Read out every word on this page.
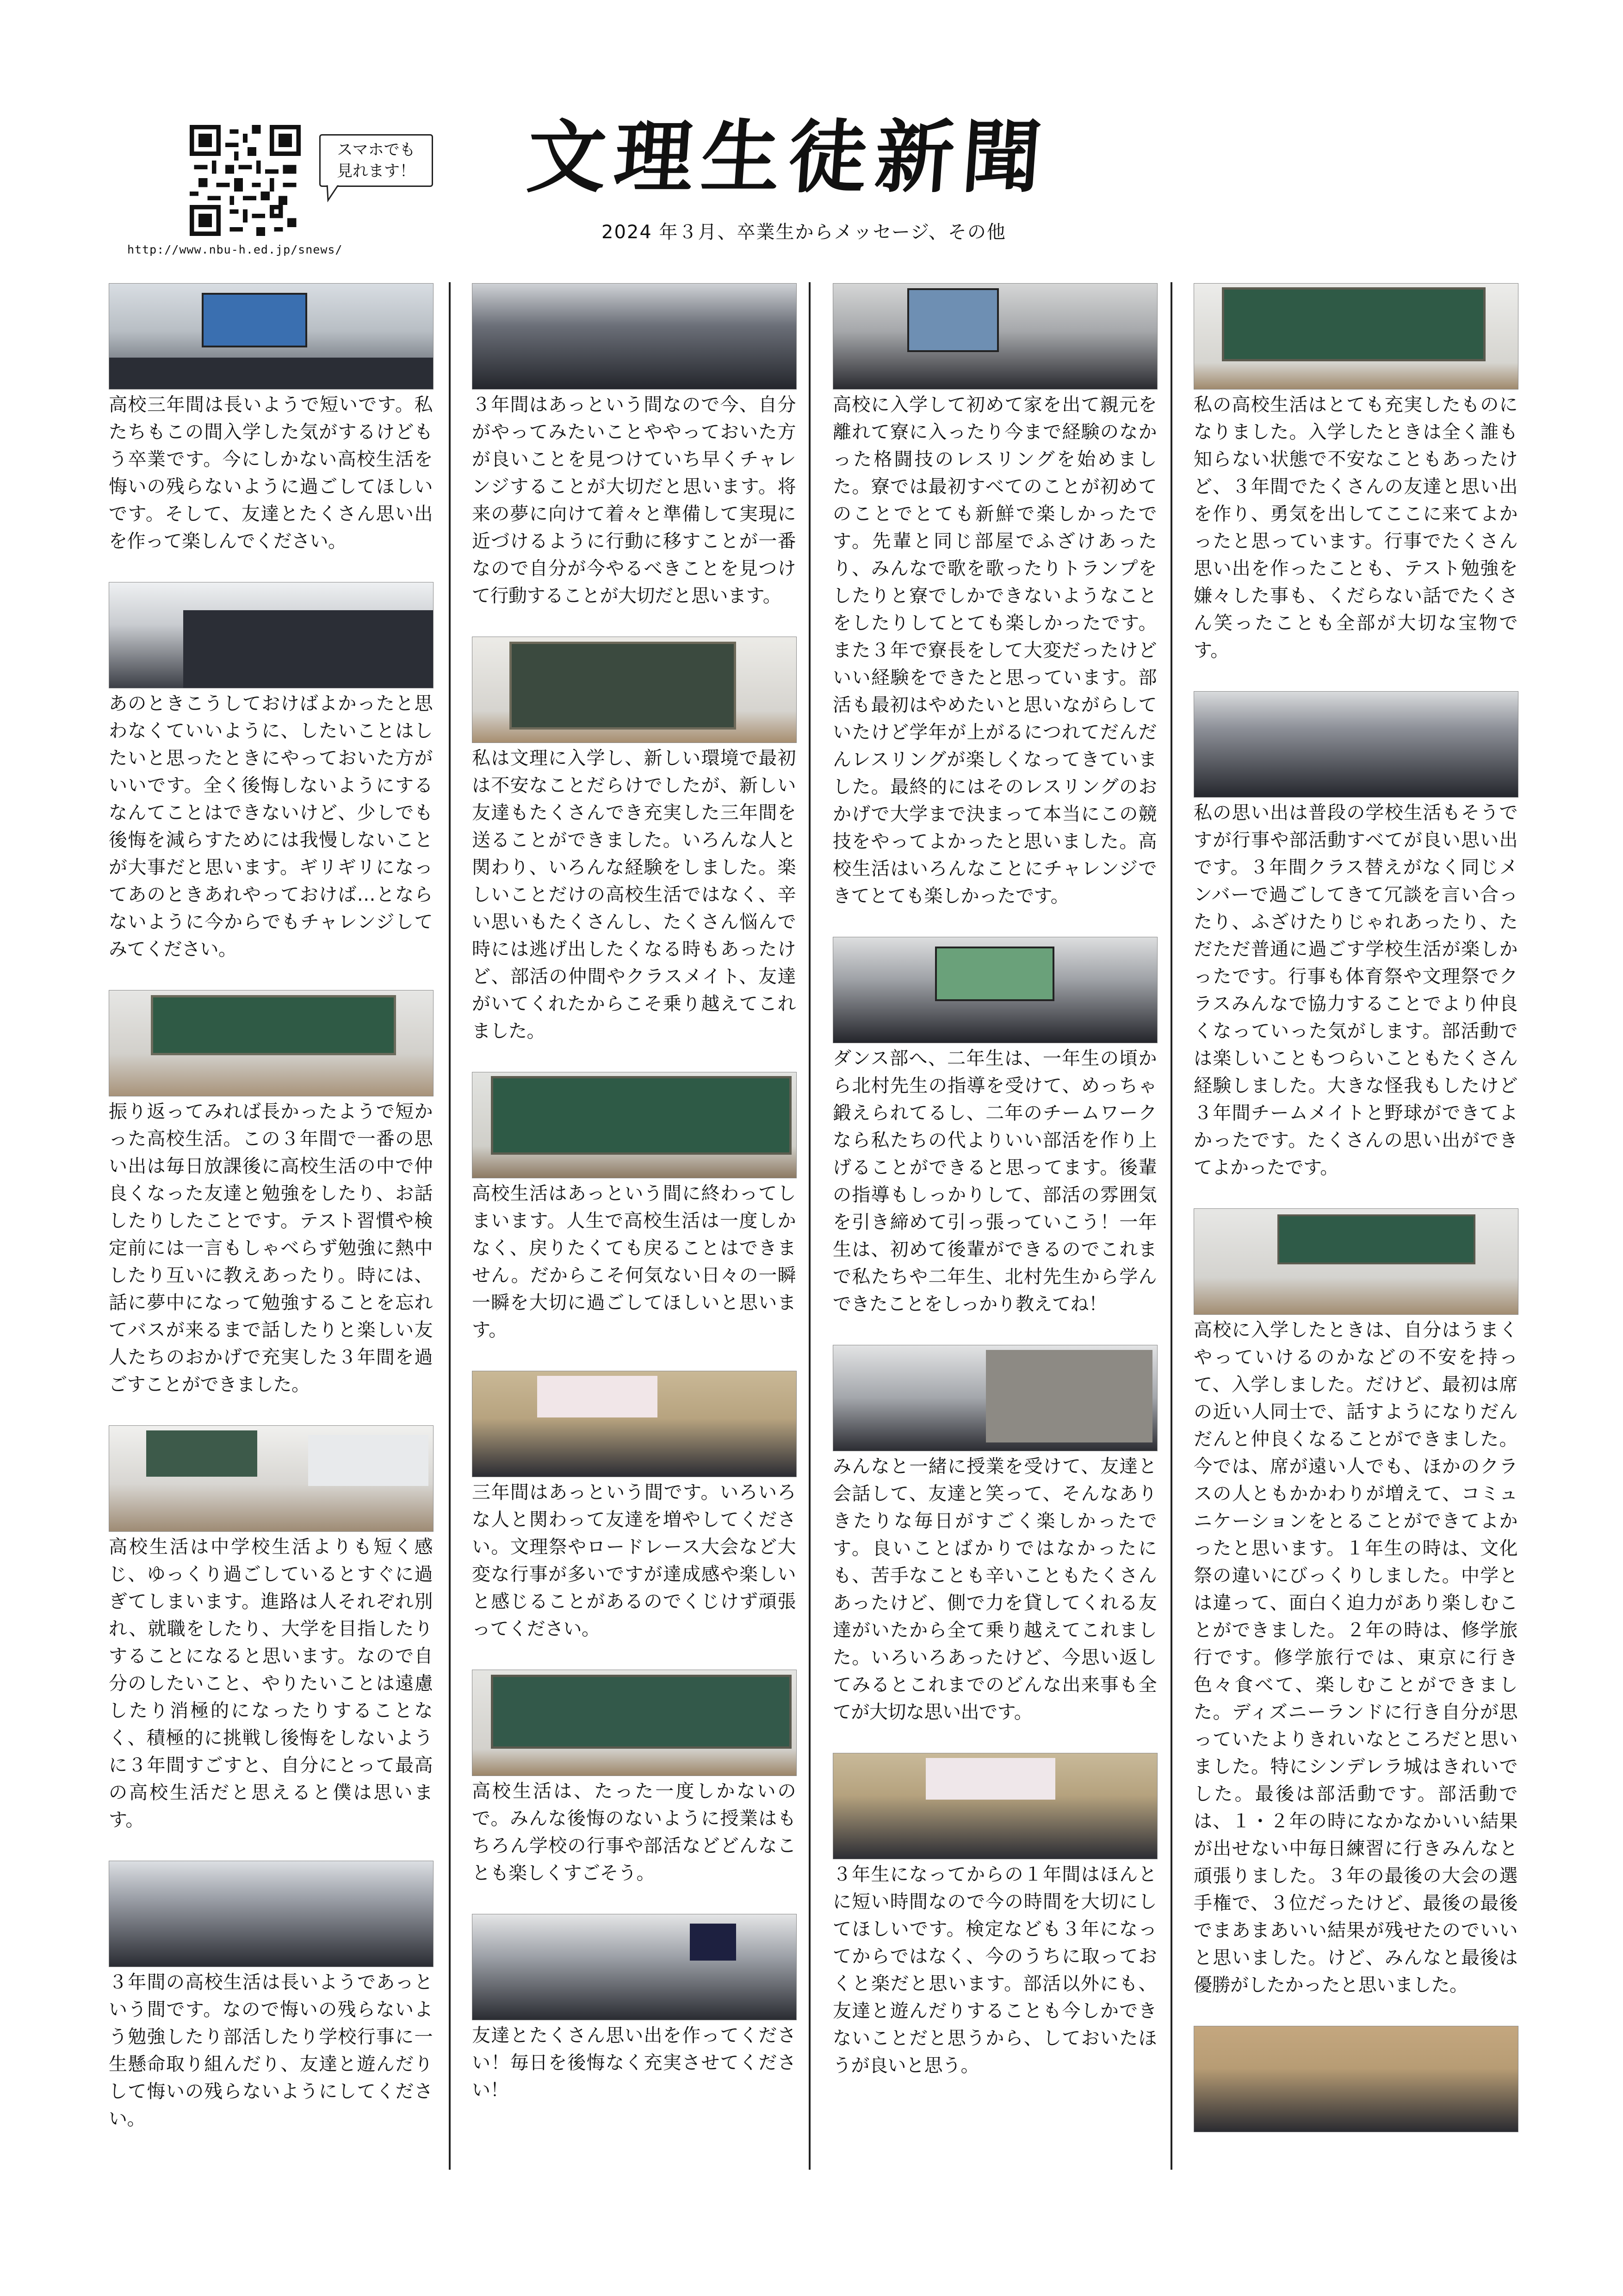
スマホでも
見れます！
http://www.nbu-h.ed.jp/snews/
文理生徒新聞
2024 年３月、卒業生からメッセージ、その他

高校三年間は長いようで短いです。私たちもこの間入学した気がするけどもう卒業です。今にしかない高校生活を悔いの残らないように過ごしてほしいです。そして、友達とたくさん思い出を作って楽しんでください。

あのときこうしておけばよかったと思わなくていいように、したいことはしたいと思ったときにやっておいた方がいいです。全く後悔しないようにするなんてことはできないけど、少しでも後悔を減らすためには我慢しないことが大事だと思います。ギリギリになってあのときあれやっておけば…とならないように今からでもチャレンジしてみてください。

振り返ってみれば長かったようで短かった高校生活。この３年間で一番の思い出は毎日放課後に高校生活の中で仲良くなった友達と勉強をしたり、お話したりしたことです。テスト習慣や検定前には一言もしゃべらず勉強に熱中したり互いに教えあったり。時には、話に夢中になって勉強することを忘れてバスが来るまで話したりと楽しい友人たちのおかげで充実した３年間を過ごすことができました。

高校生活は中学校生活よりも短く感じ、ゆっくり過ごしているとすぐに過ぎてしまいます。進路は人それぞれ別れ、就職をしたり、大学を目指したりすることになると思います。なので自分のしたいこと、やりたいことは遠慮したり消極的になったりすることなく、積極的に挑戦し後悔をしないように３年間すごすと、自分にとって最高の高校生活だと思えると僕は思います。

３年間の高校生活は長いようであっという間です。なので悔いの残らないよう勉強したり部活したり学校行事に一生懸命取り組んだり、友達と遊んだりして悔いの残らないようにしてください。

３年間はあっという間なので今、自分がやってみたいことややっておいた方が良いことを見つけていち早くチャレンジすることが大切だと思います。将来の夢に向けて着々と準備して実現に近づけるように行動に移すことが一番なので自分が今やるべきことを見つけて行動することが大切だと思います。

私は文理に入学し、新しい環境で最初は不安なことだらけでしたが、新しい友達もたくさんでき充実した三年間を送ることができました。いろんな人と関わり、いろんな経験をしました。楽しいことだけの高校生活ではなく、辛い思いもたくさんし、たくさん悩んで時には逃げ出したくなる時もあったけど、部活の仲間やクラスメイト、友達がいてくれたからこそ乗り越えてこれました。

高校生活はあっという間に終わってしまいます。人生で高校生活は一度しかなく、戻りたくても戻ることはできません。だからこそ何気ない日々の一瞬一瞬を大切に過ごしてほしいと思います。

三年間はあっという間です。いろいろな人と関わって友達を増やしてください。文理祭やロードレース大会など大変な行事が多いですが達成感や楽しいと感じることがあるのでくじけず頑張ってください。

高校生活は、たった一度しかないので。みんな後悔のないように授業はもちろん学校の行事や部活などどんなことも楽しくすごそう。

友達とたくさん思い出を作ってください！毎日を後悔なく充実させてください！

高校に入学して初めて家を出て親元を離れて寮に入ったり今まで経験のなかった格闘技のレスリングを始めました。寮では最初すべてのことが初めてのことでとても新鮮で楽しかったです。先輩と同じ部屋でふざけあったり、みんなで歌を歌ったりトランプをしたりと寮でしかできないようなことをしたりしてとても楽しかったです。また３年で寮長をして大変だったけどいい経験をできたと思っています。部活も最初はやめたいと思いながらしていたけど学年が上がるにつれてだんだんレスリングが楽しくなってきていました。最終的にはそのレスリングのおかげで大学まで決まって本当にこの競技をやってよかったと思いました。高校生活はいろんなことにチャレンジできてとても楽しかったです。

ダンス部へ、二年生は、一年生の頃から北村先生の指導を受けて、めっちゃ鍛えられてるし、二年のチームワークなら私たちの代よりいい部活を作り上げることができると思ってます。後輩の指導もしっかりして、部活の雰囲気を引き締めて引っ張っていこう！一年生は、初めて後輩ができるのでこれまで私たちや二年生、北村先生から学んできたことをしっかり教えてね！

みんなと一緒に授業を受けて、友達と会話して、友達と笑って、そんなありきたりな毎日がすごく楽しかったです。良いことばかりではなかったにも、苦手なことも辛いこともたくさんあったけど、側で力を貸してくれる友達がいたから全て乗り越えてこれました。いろいろあったけど、今思い返してみるとこれまでのどんな出来事も全てが大切な思い出です。

３年生になってからの１年間はほんとに短い時間なので今の時間を大切にしてほしいです。検定なども３年になってからではなく、今のうちに取っておくと楽だと思います。部活以外にも、友達と遊んだりすることも今しかできないことだと思うから、しておいたほうが良いと思う。

私の高校生活はとても充実したものになりました。入学したときは全く誰も知らない状態で不安なこともあったけど、３年間でたくさんの友達と思い出を作り、勇気を出してここに来てよかったと思っています。行事でたくさん思い出を作ったことも、テスト勉強を嫌々した事も、くだらない話でたくさん笑ったことも全部が大切な宝物です。

私の思い出は普段の学校生活もそうですが行事や部活動すべてが良い思い出です。３年間クラス替えがなく同じメンバーで過ごしてきて冗談を言い合ったり、ふざけたりじゃれあったり、ただただ普通に過ごす学校生活が楽しかったです。行事も体育祭や文理祭でクラスみんなで協力することでより仲良くなっていった気がします。部活動では楽しいこともつらいこともたくさん経験しました。大きな怪我もしたけど３年間チームメイトと野球ができてよかったです。たくさんの思い出ができてよかったです。

高校に入学したときは、自分はうまくやっていけるのかなどの不安を持って、入学しました。だけど、最初は席の近い人同士で、話すようになりだんだんと仲良くなることができました。今では、席が遠い人でも、ほかのクラスの人ともかかわりが増えて、コミュニケーションをとることができてよかったと思います。１年生の時は、文化祭の違いにびっくりしました。中学とは違って、面白く迫力があり楽しむことができました。２年の時は、修学旅行です。修学旅行では、東京に行き色々食べて、楽しむことができました。ディズニーランドに行き自分が思っていたよりきれいなところだと思いました。特にシンデレラ城はきれいでした。最後は部活動です。部活動では、１・２年の時になかなかいい結果が出せない中毎日練習に行きみんなと頑張りました。３年の最後の大会の選手権で、３位だったけど、最後の最後でまあまあいい結果が残せたのでいいと思いました。けど、みんなと最後は優勝がしたかったと思いました。
